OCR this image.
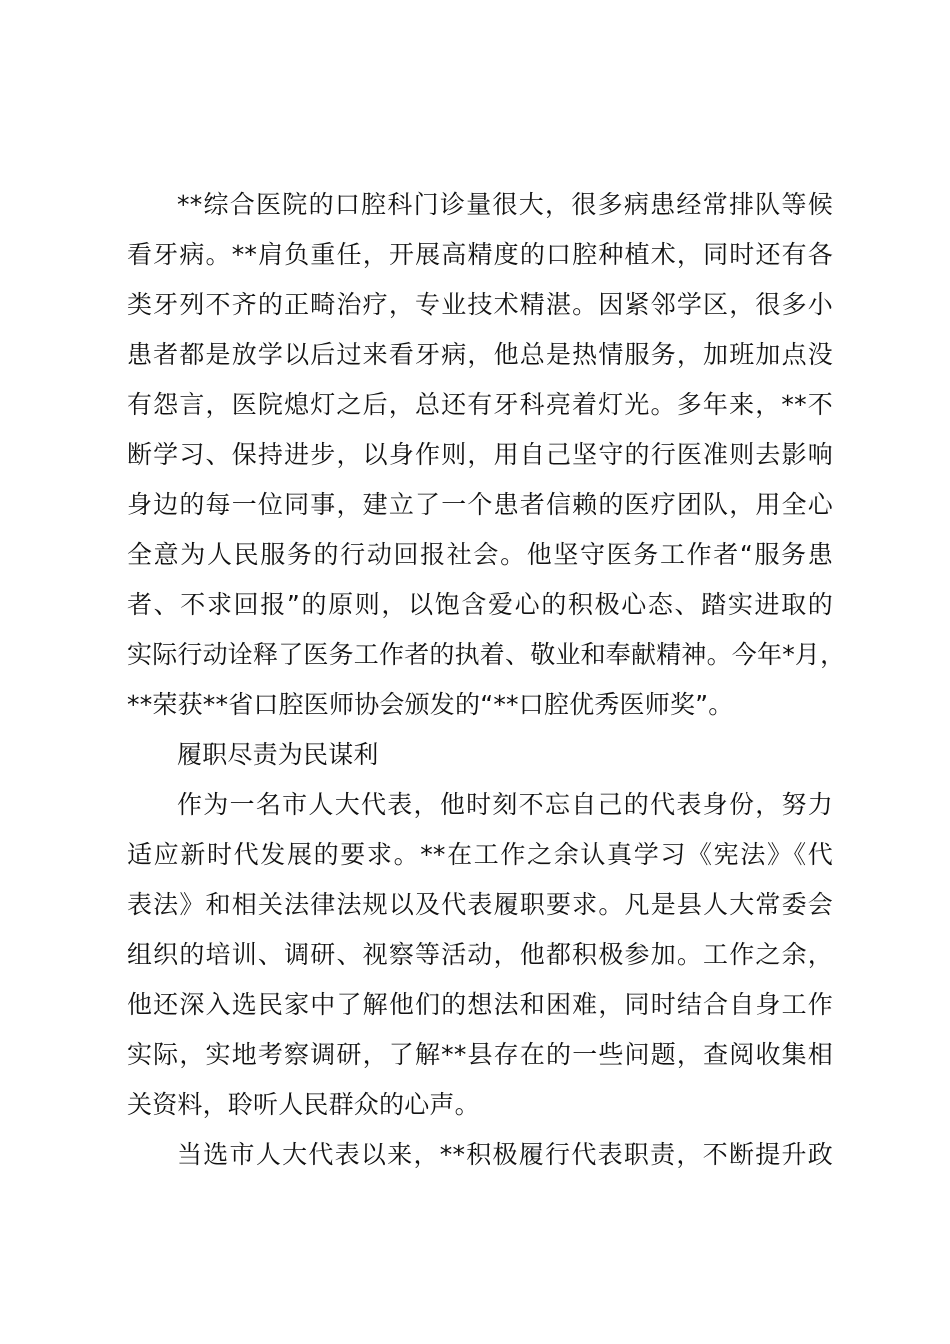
**综合医院的口腔科门诊量很大，很多病患经常排队等候
看牙病。**肩负重任，开展高精度的口腔种植术，同时还有各
类牙列不齐的正畸治疗，专业技术精湛。因紧邻学区，很多小
患者都是放学以后过来看牙病，他总是热情服务，加班加点没
有怨言，医院熄灯之后，总还有牙科亮着灯光。多年来，**不
断学习、保持进步，以身作则，用自己坚守的行医准则去影响
身边的每一位同事，建立了一个患者信赖的医疗团队，用全心
全意为人民服务的行动回报社会。他坚守医务工作者“服务患
者、不求回报”的原则，以饱含爱心的积极心态、踏实进取的
实际行动诠释了医务工作者的执着、敬业和奉献精神。今年*月，
**荣获**省口腔医师协会颁发的“**口腔优秀医师奖”。
履职尽责为民谋利
作为一名市人大代表，他时刻不忘自己的代表身份，努力
适应新时代发展的要求。**在工作之余认真学习《宪法》《代
表法》和相关法律法规以及代表履职要求。凡是县人大常委会
组织的培训、调研、视察等活动，他都积极参加。工作之余，
他还深入选民家中了解他们的想法和困难，同时结合自身工作
实际，实地考察调研，了解**县存在的一些问题，查阅收集相
关资料，聆听人民群众的心声。
当选市人大代表以来，**积极履行代表职责，不断提升政
